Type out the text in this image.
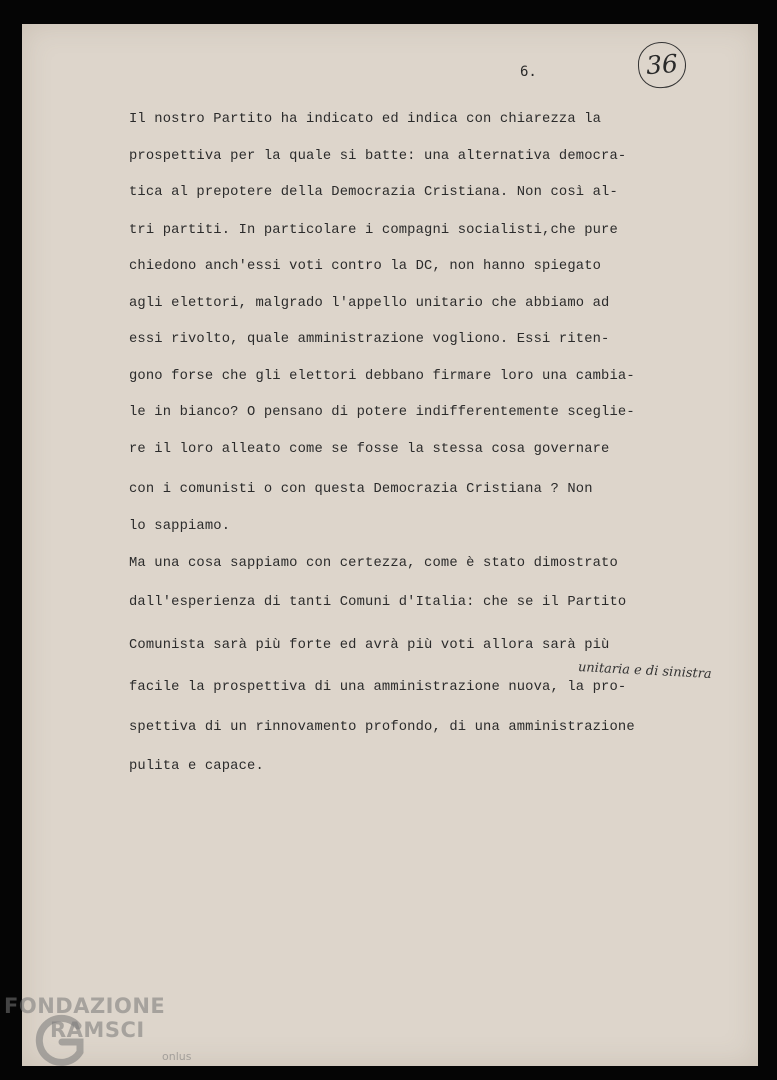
6.	36
Il nostro Partito ha indicato ed indica con chiarezza la
prospettiva per la quale si batte: una alternativa democra-
tica al prepotere della Democrazia Cristiana. Non così al-
tri partiti. In particolare i compagni socialisti,che pure
chiedono anch'essi voti contro la DC, non hanno spiegato
agli elettori, malgrado l'appello unitario che abbiamo ad
essi rivolto, quale amministrazione vogliono. Essi riten-
gono forse che gli elettori debbano firmare loro una cambia-
le in bianco? O pensano di potere indifferentemente sceglie-
re il loro alleato come se fosse la stessa cosa governare
con i comunisti o con questa Democrazia Cristiana ? Non
lo sappiamo.
Ma una cosa sappiamo con certezza, come è stato dimostrato
dall'esperienza di tanti Comuni d'Italia: che se il Partito
Comunista sarà più forte ed avrà più voti allora sarà più
facile la prospettiva di una amministrazione nuova, la pro-
spettiva di un rinnovamento profondo, di una amministrazione
pulita e capace.
unitaria e di sinistra
FONDAZIONE
RAMSCI
onlus
